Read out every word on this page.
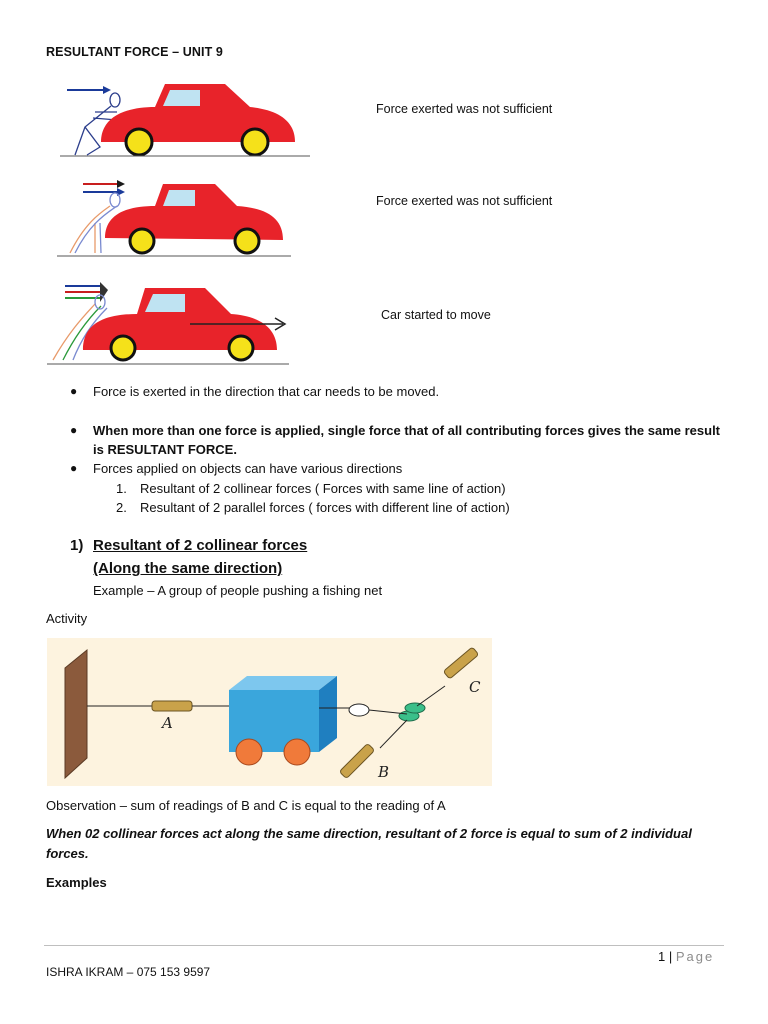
RESULTANT FORCE – UNIT 9
Force exerted was not sufficient
Force exerted was not sufficient
Car started to move
● Force is exerted in the direction that car needs to be moved.
● When more than one force is applied, single force that of all contributing forces gives the same result is RESULTANT FORCE.
● Forces applied on objects can have various directions
1. Resultant of 2 collinear forces ( Forces with same line of action)
2. Resultant of 2 parallel forces ( forces with different line of action)
1) Resultant of 2 collinear forces
(Along the same direction)
Example – A group of people pushing a fishing net
Activity
A
B
C
Observation – sum of readings of B and C is equal to the reading of A
When 02 collinear forces act along the same direction, resultant of 2 force is equal to sum of 2 individual forces.
Examples
1 | Page
ISHRA IKRAM – 075 153 9597
